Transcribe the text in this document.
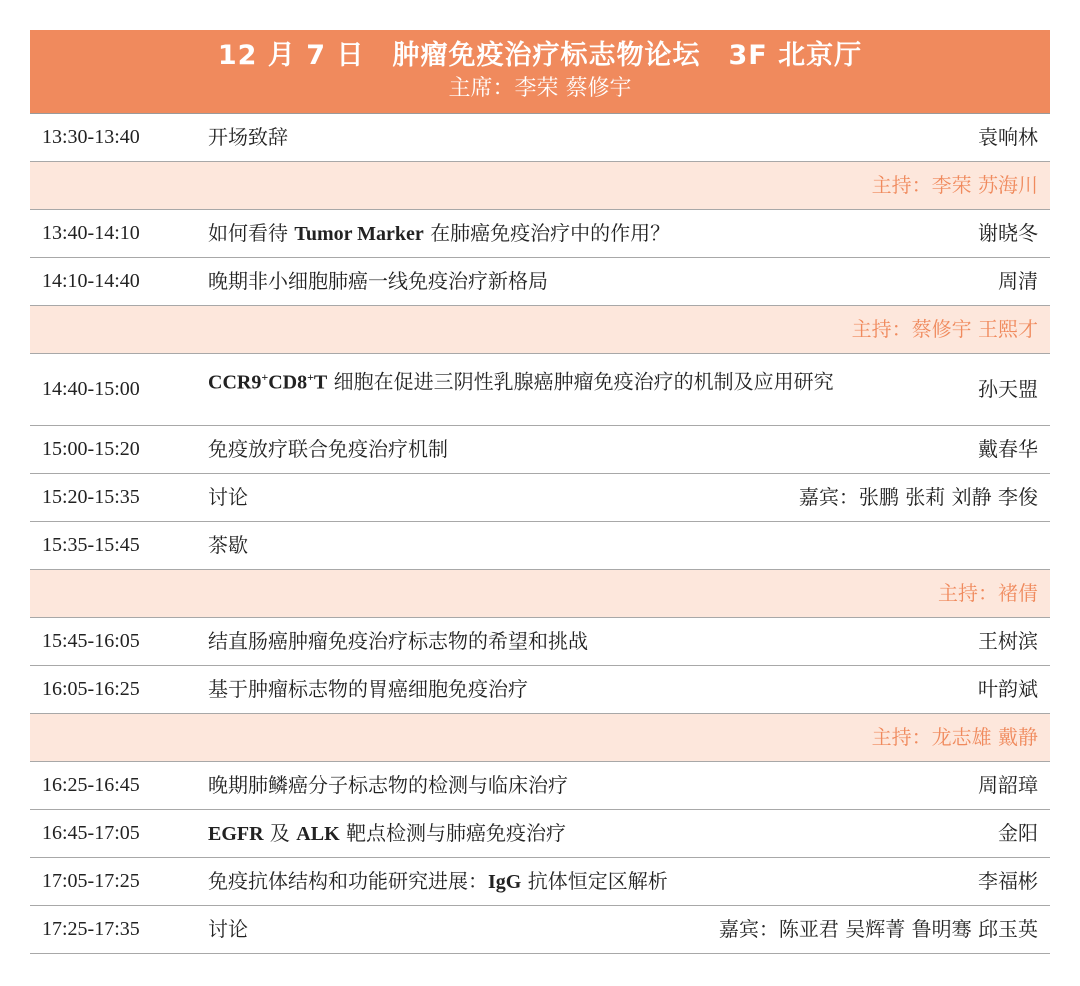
12 月 7 日　肿瘤免疫治疗标志物论坛　3F 北京厅
主席：李荣 蔡修宇
13:30-13:40	开场致辞	袁响林
主持：李荣 苏海川
13:40-14:10	如何看待 Tumor Marker 在肺癌免疫治疗中的作用？	谢晓冬
14:10-14:40	晚期非小细胞肺癌一线免疫治疗新格局	周清
主持：蔡修宇 王熙才
14:40-15:00	CCR9+CD8+T 细胞在促进三阴性乳腺癌肿瘤免疫治疗的机制及应用研究	孙天盟
15:00-15:20	免疫放疗联合免疫治疗机制	戴春华
15:20-15:35	讨论	嘉宾：张鹏 张莉 刘静 李俊
15:35-15:45	茶歇
主持：褚倩
15:45-16:05	结直肠癌肿瘤免疫治疗标志物的希望和挑战	王树滨
16:05-16:25	基于肿瘤标志物的胃癌细胞免疫治疗	叶韵斌
主持：龙志雄 戴静
16:25-16:45	晚期肺鳞癌分子标志物的检测与临床治疗	周韶璋
16:45-17:05	EGFR 及 ALK 靶点检测与肺癌免疫治疗	金阳
17:05-17:25	免疫抗体结构和功能研究进展：IgG 抗体恒定区解析	李福彬
17:25-17:35	讨论	嘉宾：陈亚君 吴辉菁 鲁明骞 邱玉英
